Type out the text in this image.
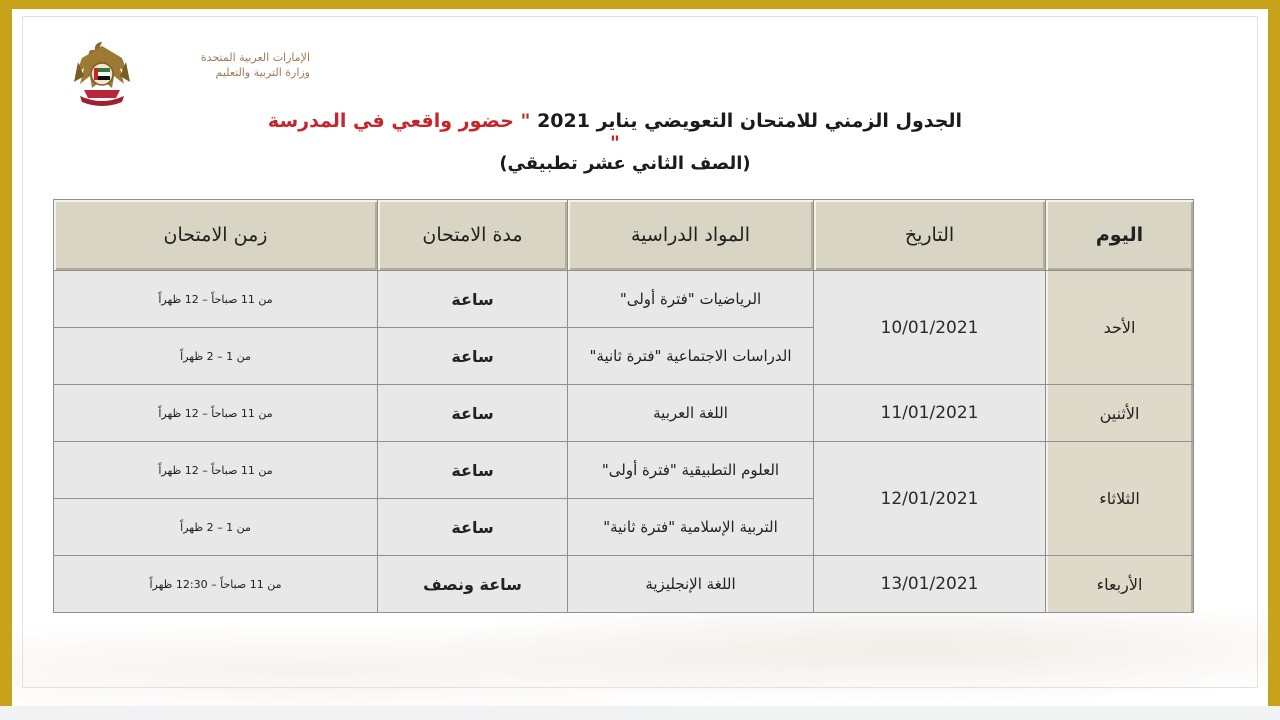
الإمارات العربية المتحدة
وزارة التربية والتعليم
الجدول الزمني للامتحان التعويضي يناير 2021 " حضور واقعي في المدرسة "
(الصف الثاني عشر تطبيقي)
اليوم	التاريخ	المواد الدراسية	مدة الامتحان	زمن الامتحان
الأحد	10/01/2021	الرياضيات "فترة أولى"	ساعة	من 11 صباحاً – 12 ظهراً
		الدراسات الاجتماعية "فترة ثانية"	ساعة	من 1 – 2 ظهراً
الأثنين	11/01/2021	اللغة العربية	ساعة	من 11 صباحاً – 12 ظهراً
الثلاثاء	12/01/2021	العلوم التطبيقية "فترة أولى"	ساعة	من 11 صباحاً – 12 ظهراً
		التربية الإسلامية "فترة ثانية"	ساعة	من 1 – 2 ظهراً
الأربعاء	13/01/2021	اللغة الإنجليزية	ساعة ونصف	من 11 صباحاً – 12:30 ظهراً
